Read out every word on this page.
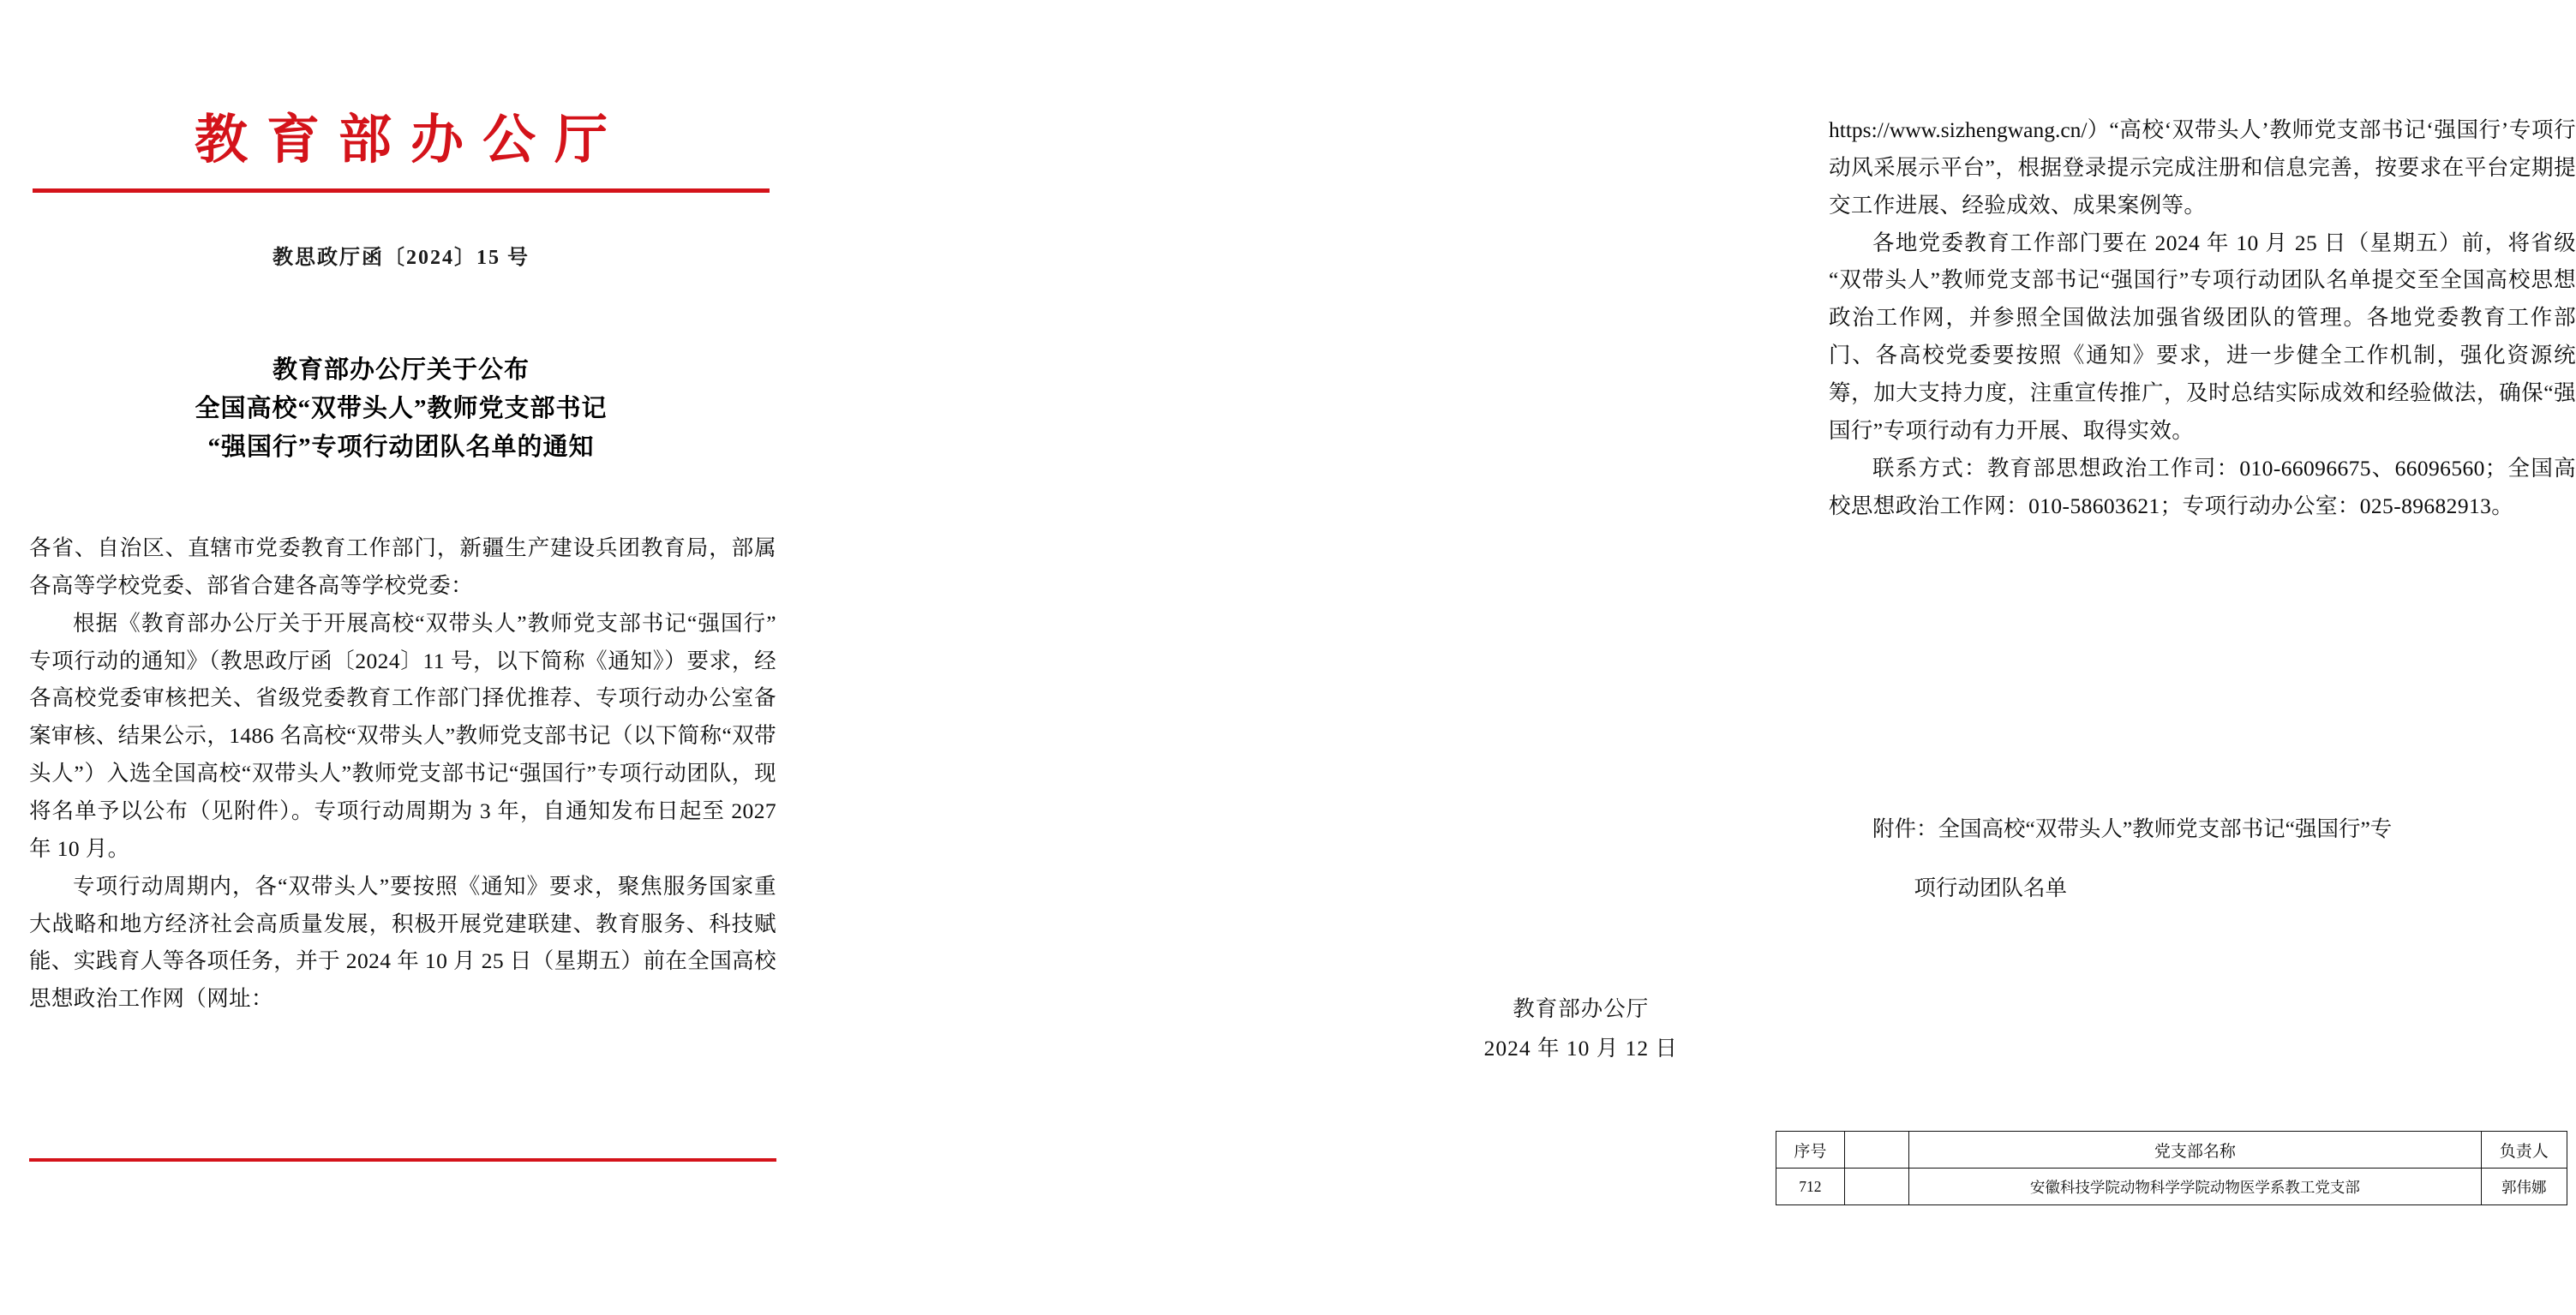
教育部办公厅
教思政厅函〔2024〕15 号
教育部办公厅关于公布
全国高校“双带头人”教师党支部书记
“强国行”专项行动团队名单的通知

各省、自治区、直辖市党委教育工作部门，新疆生产建设兵团教育局，部属各高等学校党委、部省合建各高等学校党委：

根据《教育部办公厅关于开展高校“双带头人”教师党支部书记“强国行”专项行动的通知》（教思政厅函〔2024〕11 号，以下简称《通知》）要求，经各高校党委审核把关、省级党委教育工作部门择优推荐、专项行动办公室备案审核、结果公示，1486 名高校“双带头人”教师党支部书记（以下简称“双带头人”）入选全国高校“双带头人”教师党支部书记“强国行”专项行动团队，现将名单予以公布（见附件）。专项行动周期为 3 年，自通知发布日起至 2027 年 10 月。

专项行动周期内，各“双带头人”要按照《通知》要求，聚焦服务国家重大战略和地方经济社会高质量发展，积极开展党建联建、教育服务、科技赋能、实践育人等各项任务，并于 2024 年 10 月 25 日（星期五）前在全国高校思想政治工作网（网址：

https://www.sizhengwang.cn/）“高校‘双带头人’教师党支部书记‘强国行’专项行动风采展示平台”，根据登录提示完成注册和信息完善，按要求在平台定期提交工作进展、经验成效、成果案例等。

各地党委教育工作部门要在 2024 年 10 月 25 日（星期五）前，将省级“双带头人”教师党支部书记“强国行”专项行动团队名单提交至全国高校思想政治工作网，并参照全国做法加强省级团队的管理。各地党委教育工作部门、各高校党委要按照《通知》要求，进一步健全工作机制，强化资源统筹，加大支持力度，注重宣传推广，及时总结实际成效和经验做法，确保“强国行”专项行动有力开展、取得实效。

联系方式：教育部思想政治工作司：010-66096675、66096560；全国高校思想政治工作网：010-58603621；专项行动办公室：025-89682913。

附件：全国高校“双带头人”教师党支部书记“强国行”专

项行动团队名单

教育部办公厅
2024 年 10 月 12 日
序号		党支部名称	负责人
712		安徽科技学院动物科学学院动物医学系教工党支部	郭伟娜
